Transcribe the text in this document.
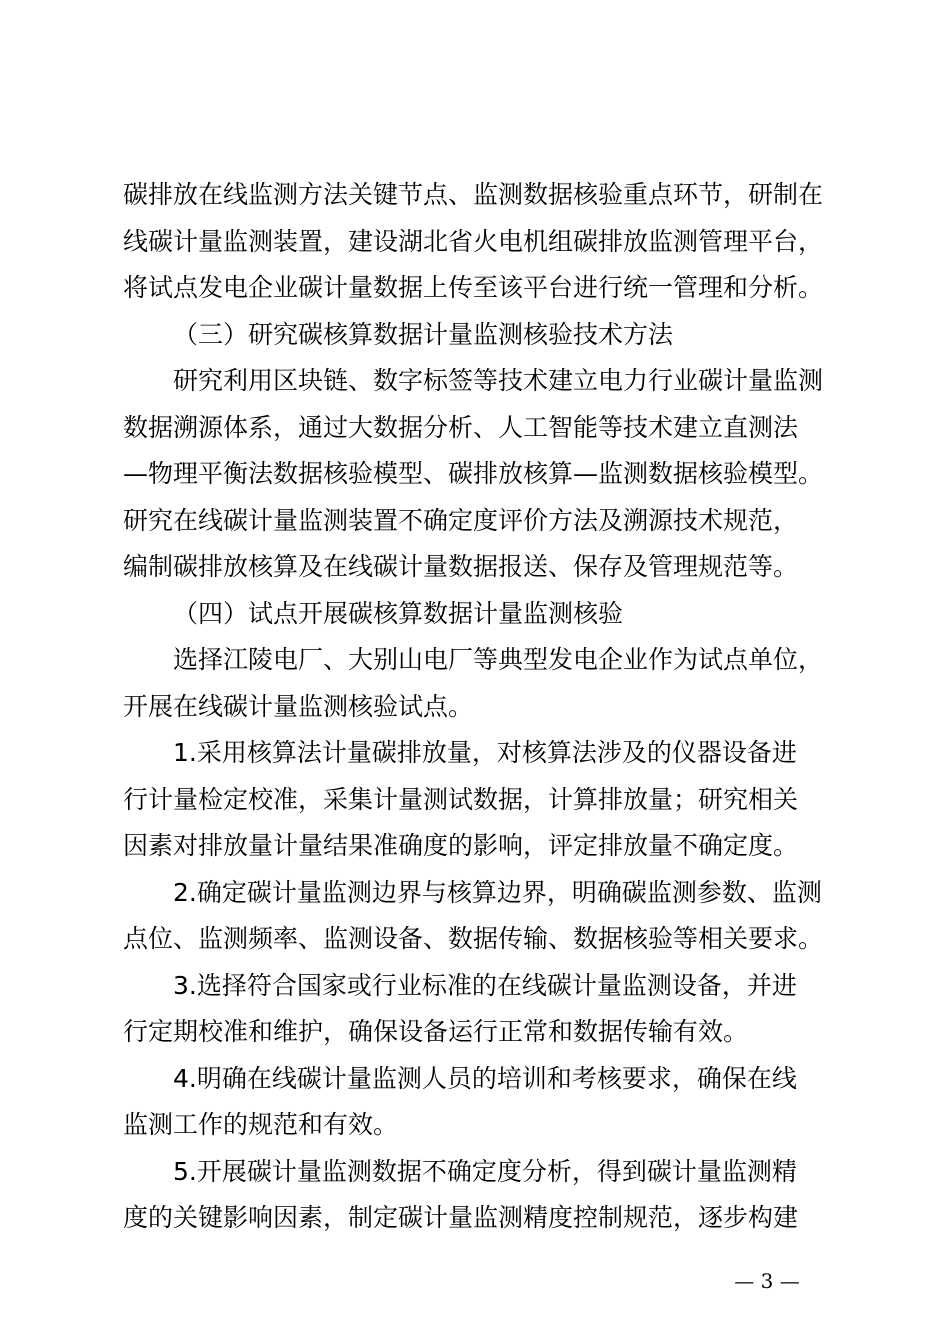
碳排放在线监测方法关键节点、监测数据核验重点环节，研制在
线碳计量监测装置，建设湖北省火电机组碳排放监测管理平台，
将试点发电企业碳计量数据上传至该平台进行统一管理和分析。
（三）研究碳核算数据计量监测核验技术方法
研究利用区块链、数字标签等技术建立电力行业碳计量监测
数据溯源体系，通过大数据分析、人工智能等技术建立直测法
—物理平衡法数据核验模型、碳排放核算—监测数据核验模型。
研究在线碳计量监测装置不确定度评价方法及溯源技术规范，
编制碳排放核算及在线碳计量数据报送、保存及管理规范等。
（四）试点开展碳核算数据计量监测核验
选择江陵电厂、大别山电厂等典型发电企业作为试点单位，
开展在线碳计量监测核验试点。
1.采用核算法计量碳排放量，对核算法涉及的仪器设备进
行计量检定校准，采集计量测试数据，计算排放量；研究相关
因素对排放量计量结果准确度的影响，评定排放量不确定度。
2.确定碳计量监测边界与核算边界，明确碳监测参数、监测
点位、监测频率、监测设备、数据传输、数据核验等相关要求。
3.选择符合国家或行业标准的在线碳计量监测设备，并进
行定期校准和维护，确保设备运行正常和数据传输有效。
4.明确在线碳计量监测人员的培训和考核要求，确保在线
监测工作的规范和有效。
5.开展碳计量监测数据不确定度分析，得到碳计量监测精
度的关键影响因素，制定碳计量监测精度控制规范，逐步构建
— 3 —
